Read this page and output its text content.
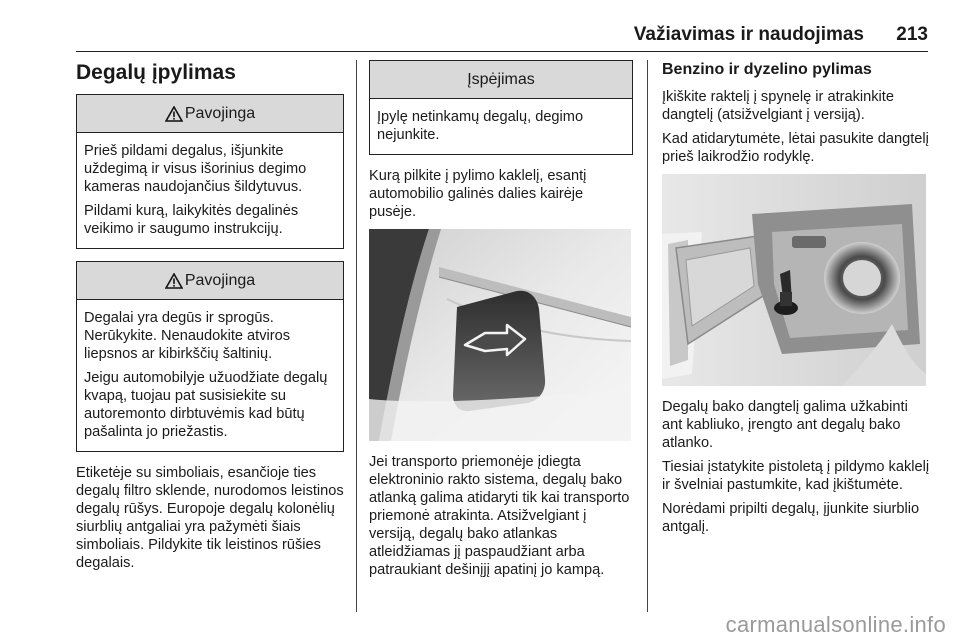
Važiavimas ir naudojimas 213
Degalų įpylimas
Pavojinga

Prieš pildami degalus, išjunkite uždegimą ir visus išorinius degimo kameras naudojančius šildytuvus.

Pildami kurą, laikykitės degalinės veikimo ir saugumo instrukcijų.

Pavojinga

Degalai yra degūs ir sprogūs. Nerūkykite. Nenaudokite atviros liepsnos ar kibirkščių šaltinių.

Jeigu automobilyje užuodžiate degalų kvapą, tuojau pat susisiekite su autoremonto dirbtuvėmis kad būtų pašalinta jo priežastis.

Etiketėje su simboliais, esančioje ties degalų filtro sklende, nurodomos leistinos degalų rūšys. Europoje degalų kolonėlių siurblių antgaliai yra pažymėti šiais simboliais. Pildykite tik leistinos rūšies degalais.

Įspėjimas

Įpylę netinkamų degalų, degimo nejunkite.

Kurą pilkite į pylimo kaklelį, esantį automobilio galinės dalies kairėje pusėje.

Jei transporto priemonėje įdiegta elektroninio rakto sistema, degalų bako atlanką galima atidaryti tik kai transporto priemonė atrakinta. Atsižvelgiant į versiją, degalų bako atlankas atleidžiamas jį paspaudžiant arba patraukiant dešinįjį apatinį jo kampą.

Benzino ir dyzelino pylimas

Įkiškite raktelį į spynelę ir atrakinkite dangtelį (atsižvelgiant į versiją).

Kad atidarytumėte, lėtai pasukite dangtelį prieš laikrodžio rodyklę.

Degalų bako dangtelį galima užkabinti ant kabliuko, įrengto ant degalų bako atlanko.

Tiesiai įstatykite pistoletą į pildymo kaklelį ir švelniai pastumkite, kad įkištumėte.

Norėdami pripilti degalų, įjunkite siurblio antgalį.

carmanualsonline.info
